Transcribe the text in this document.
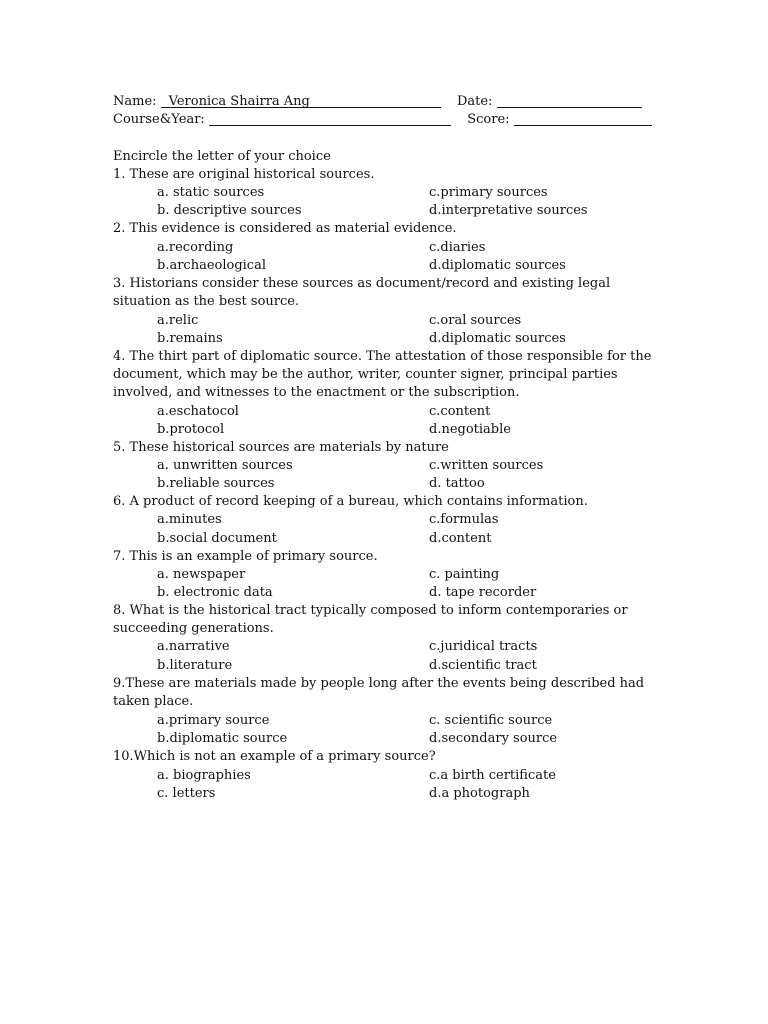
Name: Veronica Shairra Ang	Date:
Course&Year:	Score:
Encircle the letter of your choice
1. These are original historical sources.
a. static sources	c.primary sources
b. descriptive sources	d.interpretative sources
2. This evidence is considered as material evidence.
a.recording	c.diaries
b.archaeological	d.diplomatic sources
3. Historians consider these sources as document/record and existing legal situation as the best source.
a.relic	c.oral sources
b.remains	d.diplomatic sources
4. The thirt part of diplomatic source. The attestation of those responsible for the document, which may be the author, writer, counter signer, principal parties involved, and witnesses to the enactment or the subscription.
a.eschatocol	c.content
b.protocol	d.negotiable
5. These historical sources are materials by nature
a. unwritten sources	c.written sources
b.reliable sources	d. tattoo
6. A product of record keeping of a bureau, which contains information.
a.minutes	c.formulas
b.social document	d.content
7. This is an example of primary source.
a. newspaper	c. painting
b. electronic data	d. tape recorder
8. What is the historical tract typically composed to inform contemporaries or succeeding generations.
a.narrative	c.juridical tracts
b.literature	d.scientific tract
9.These are materials made by people long after the events being described had taken place.
a.primary source	c. scientific source
b.diplomatic source	d.secondary source
10.Which is not an example of a primary source?
a. biographies	c.a birth certificate
c. letters	d.a photograph
